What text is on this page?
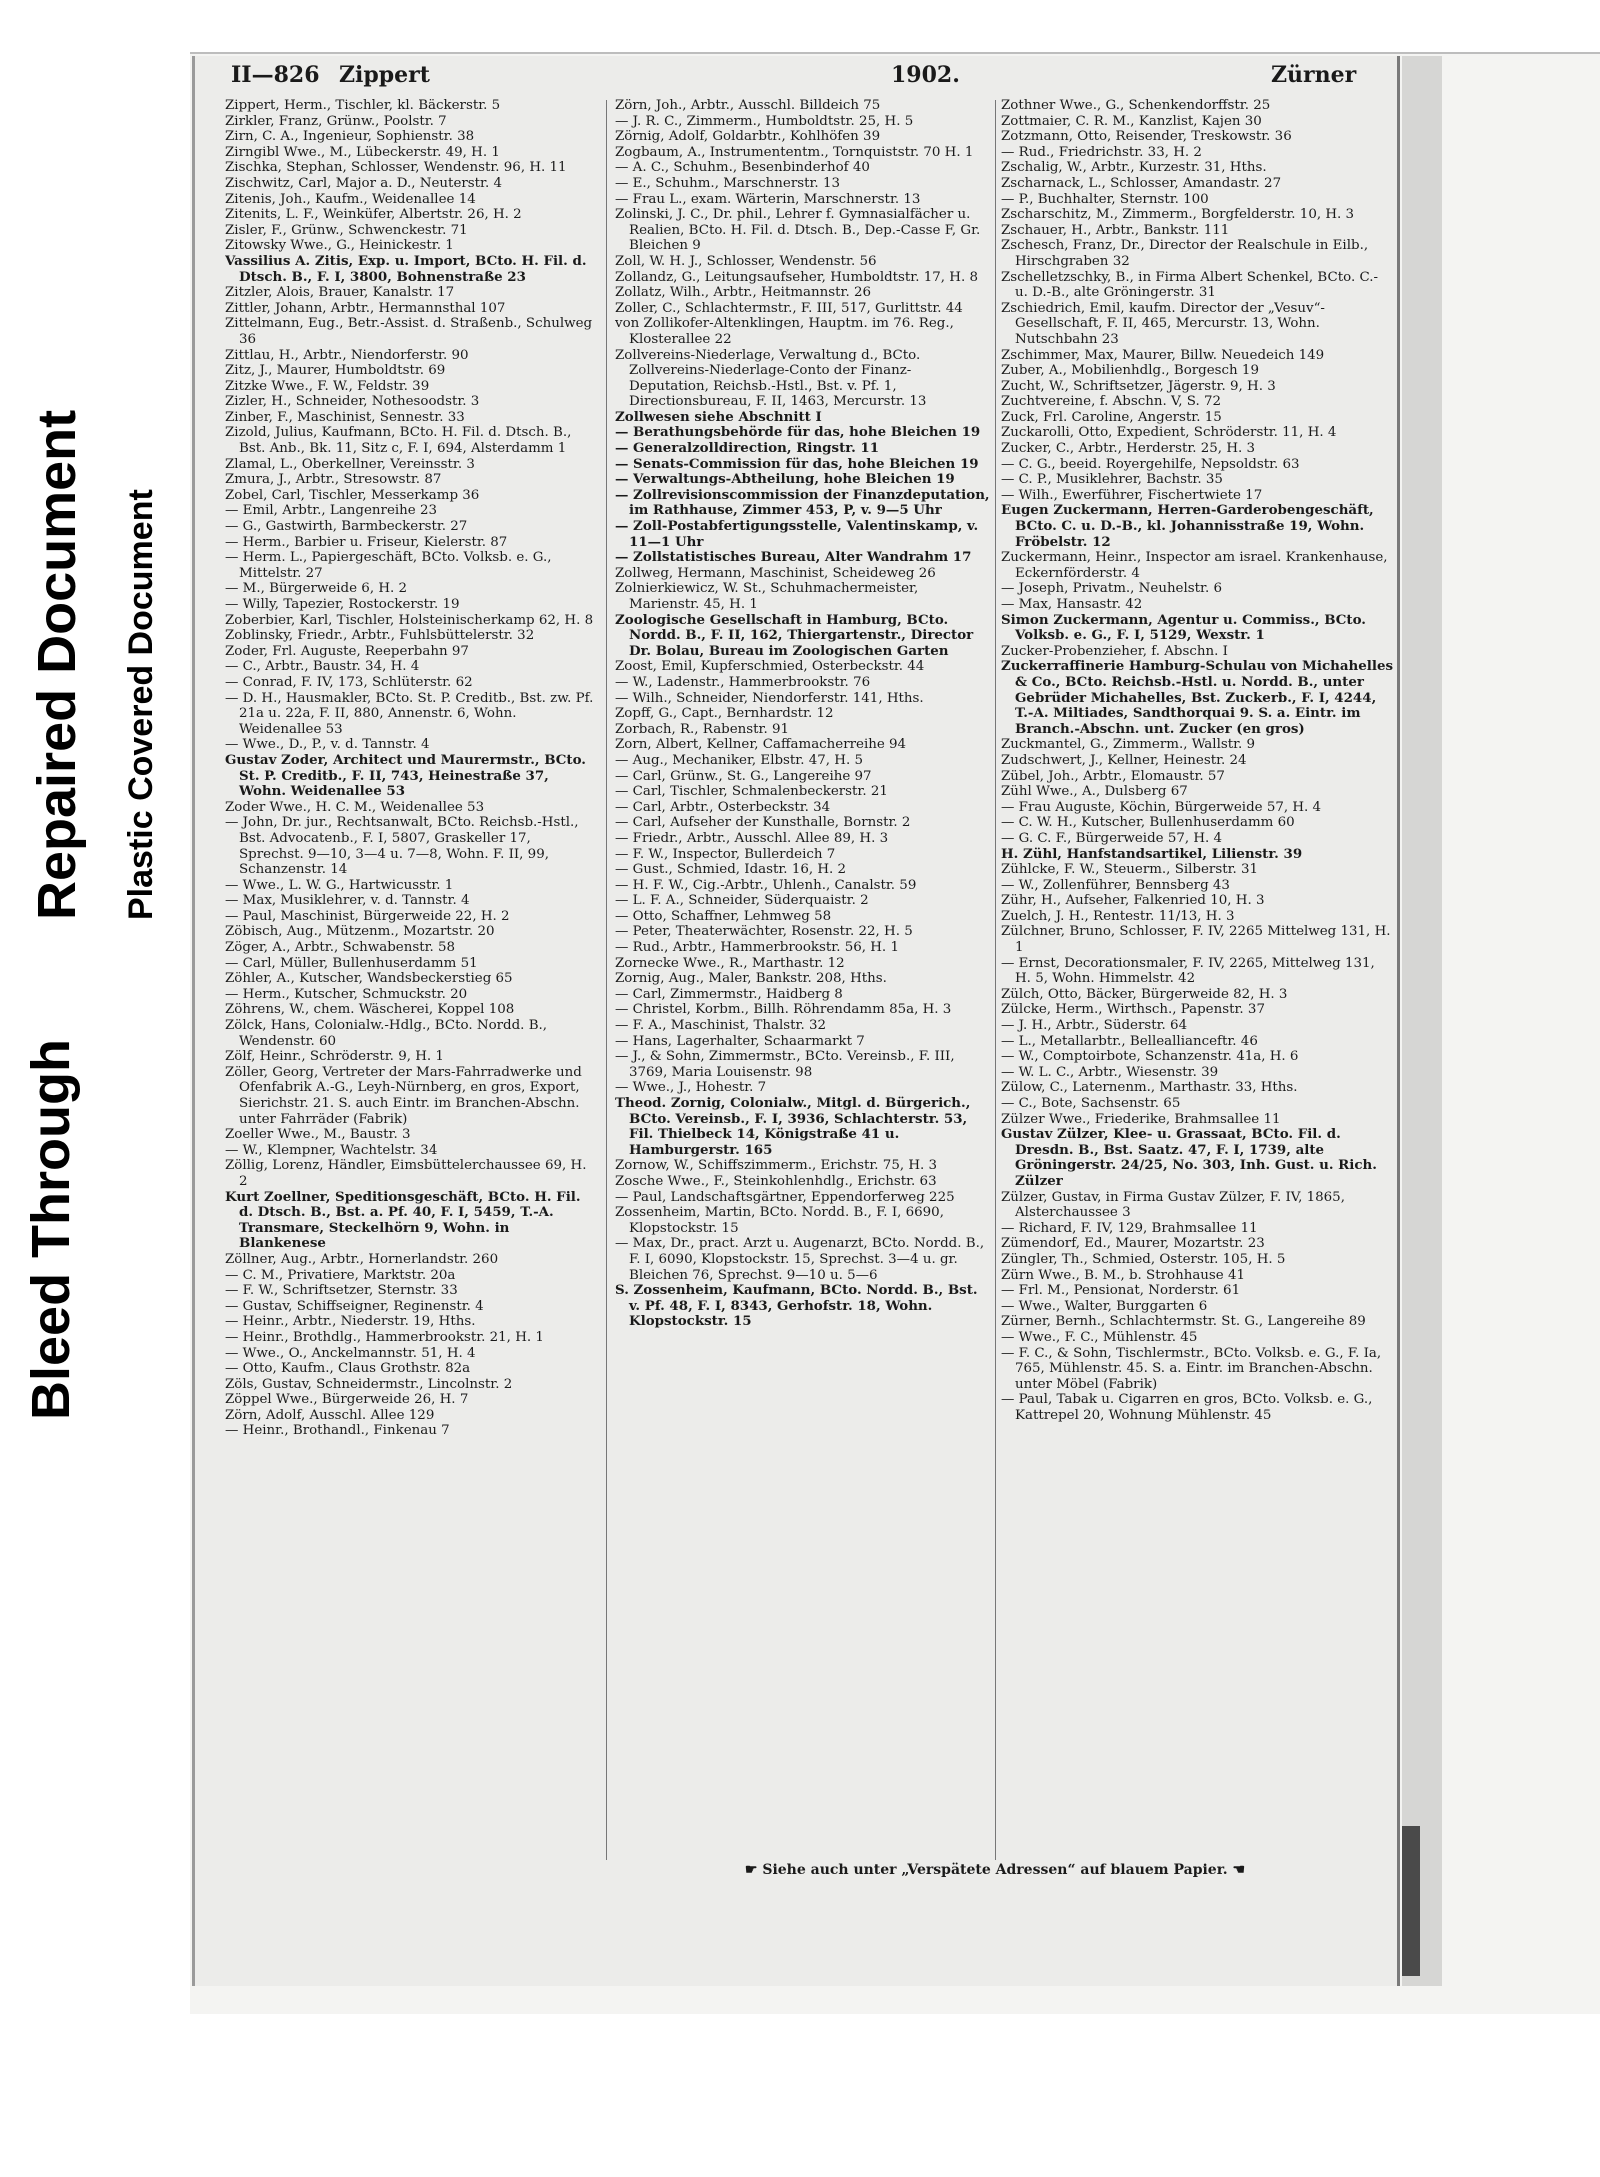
Bleed Through
Repaired Document Plastic Covered Document
II—826 Zippert	1902.	Zürner

Zippert, Herm., Tischler, kl. Bäckerstr. 5

Zirkler, Franz, Grünw., Poolstr. 7

Zirn, C. A., Ingenieur, Sophienstr. 38

Zirngibl Wwe., M., Lübeckerstr. 49, H. 1

Zischka, Stephan, Schlosser, Wendenstr. 96, H. 11

Zischwitz, Carl, Major a. D., Neuterstr. 4

Zitenis, Joh., Kaufm., Weidenallee 14

Zitenits, L. F., Weinküfer, Albertstr. 26, H. 2

Zisler, F., Grünw., Schwenckestr. 71

Zitowsky Wwe., G., Heinickestr. 1

Vassilius A. Zitis, Exp. u. Import, BCto. H. Fil. d. Dtsch. B., F. I, 3800, Bohnenstraße 23

Zitzler, Alois, Brauer, Kanalstr. 17

Zittler, Johann, Arbtr., Hermannsthal 107

Zittelmann, Eug., Betr.-Assist. d. Straßenb., Schulweg 36

Zittlau, H., Arbtr., Niendorferstr. 90

Zitz, J., Maurer, Humboldtstr. 69

Zitzke Wwe., F. W., Feldstr. 39

Zizler, H., Schneider, Nothesoodstr. 3

Zinber, F., Maschinist, Sennestr. 33

Zizold, Julius, Kaufmann, BCto. H. Fil. d. Dtsch. B., Bst. Anb., Bk. 11, Sitz c, F. I, 694, Alsterdamm 1

Zlamal, L., Oberkellner, Vereinsstr. 3

Zmura, J., Arbtr., Stresowstr. 87

Zobel, Carl, Tischler, Messerkamp 36

— Emil, Arbtr., Langenreihe 23

— G., Gastwirth, Barmbeckerstr. 27

— Herm., Barbier u. Friseur, Kielerstr. 87

— Herm. L., Papiergeschäft, BCto. Volksb. e. G., Mittelstr. 27

— M., Bürgerweide 6, H. 2

— Willy, Tapezier, Rostockerstr. 19

Zoberbier, Karl, Tischler, Holsteinischerkamp 62, H. 8

Zoblinsky, Friedr., Arbtr., Fuhlsbüttelerstr. 32

Zoder, Frl. Auguste, Reeperbahn 97

— C., Arbtr., Baustr. 34, H. 4

— Conrad, F. IV, 173, Schlüterstr. 62

— D. H., Hausmakler, BCto. St. P. Creditb., Bst. zw. Pf. 21a u. 22a, F. II, 880, Annenstr. 6, Wohn. Weidenallee 53

— Wwe., D., P., v. d. Tannstr. 4

Gustav Zoder, Architect und Maurermstr., BCto. St. P. Creditb., F. II, 743, Heinestraße 37, Wohn. Weidenallee 53

Zoder Wwe., H. C. M., Weidenallee 53

— John, Dr. jur., Rechtsanwalt, BCto. Reichsb.-Hstl., Bst. Advocatenb., F. I, 5807, Graskeller 17, Sprechst. 9—10, 3—4 u. 7—8, Wohn. F. II, 99, Schanzenstr. 14

— Wwe., L. W. G., Hartwicusstr. 1

— Max, Musiklehrer, v. d. Tannstr. 4

— Paul, Maschinist, Bürgerweide 22, H. 2

Zöbisch, Aug., Mützenm., Mozartstr. 20

Zöger, A., Arbtr., Schwabenstr. 58

— Carl, Müller, Bullenhuserdamm 51

Zöhler, A., Kutscher, Wandsbeckerstieg 65

— Herm., Kutscher, Schmuckstr. 20

Zöhrens, W., chem. Wäscherei, Koppel 108

Zölck, Hans, Colonialw.-Hdlg., BCto. Nordd. B., Wendenstr. 60

Zölf, Heinr., Schröderstr. 9, H. 1

Zöller, Georg, Vertreter der Mars-Fahrradwerke und Ofenfabrik A.-G., Leyh-Nürnberg, en gros, Export, Sierichstr. 21. S. auch Eintr. im Branchen-Abschn. unter Fahrräder (Fabrik)

Zoeller Wwe., M., Baustr. 3

— W., Klempner, Wachtelstr. 34

Zöllig, Lorenz, Händler, Eimsbüttelerchaussee 69, H. 2

Kurt Zoellner, Speditionsgeschäft, BCto. H. Fil. d. Dtsch. B., Bst. a. Pf. 40, F. I, 5459, T.-A. Transmare, Steckelhörn 9, Wohn. in Blankenese

Zöllner, Aug., Arbtr., Hornerlandstr. 260

— C. M., Privatiere, Marktstr. 20a

— F. W., Schriftsetzer, Sternstr. 33

— Gustav, Schiffseigner, Reginenstr. 4

— Heinr., Arbtr., Niederstr. 19, Hths.

— Heinr., Brothdlg., Hammerbrookstr. 21, H. 1

— Wwe., O., Anckelmannstr. 51, H. 4

— Otto, Kaufm., Claus Grothstr. 82a

Zöls, Gustav, Schneidermstr., Lincolnstr. 2

Zöppel Wwe., Bürgerweide 26, H. 7

Zörn, Adolf, Ausschl. Allee 129

— Heinr., Brothandl., Finkenau 7

Zörn, Joh., Arbtr., Ausschl. Billdeich 75

— J. R. C., Zimmerm., Humboldtstr. 25, H. 5

Zörnig, Adolf, Goldarbtr., Kohlhöfen 39

Zogbaum, A., Instrumententm., Tornquiststr. 70 H. 1

— A. C., Schuhm., Besenbinderhof 40

— E., Schuhm., Marschnerstr. 13

— Frau L., exam. Wärterin, Marschnerstr. 13

Zolinski, J. C., Dr. phil., Lehrer f. Gymnasialfächer u. Realien, BCto. H. Fil. d. Dtsch. B., Dep.-Casse F, Gr. Bleichen 9

Zoll, W. H. J., Schlosser, Wendenstr. 56

Zollandz, G., Leitungsaufseher, Humboldtstr. 17, H. 8

Zollatz, Wilh., Arbtr., Heitmannstr. 26

Zoller, C., Schlachtermstr., F. III, 517, Gurlittstr. 44

von Zollikofer-Altenklingen, Hauptm. im 76. Reg., Klosterallee 22

Zollvereins-Niederlage, Verwaltung d., BCto. Zollvereins-Niederlage-Conto der Finanz-Deputation, Reichsb.-Hstl., Bst. v. Pf. 1, Directionsbureau, F. II, 1463, Mercurstr. 13

Zollwesen siehe Abschnitt I

— Berathungsbehörde für das, hohe Bleichen 19

— Generalzolldirection, Ringstr. 11

— Senats-Commission für das, hohe Bleichen 19

— Verwaltungs-Abtheilung, hohe Bleichen 19

— Zollrevisionscommission der Finanzdeputation, im Rathhause, Zimmer 453, P, v. 9—5 Uhr

— Zoll-Postabfertigungsstelle, Valentinskamp, v. 11—1 Uhr

— Zollstatistisches Bureau, Alter Wandrahm 17

Zollweg, Hermann, Maschinist, Scheideweg 26

Zolnierkiewicz, W. St., Schuhmachermeister, Marienstr. 45, H. 1

Zoologische Gesellschaft in Hamburg, BCto. Nordd. B., F. II, 162, Thiergartenstr., Director Dr. Bolau, Bureau im Zoologischen Garten

Zoost, Emil, Kupferschmied, Osterbeckstr. 44

— W., Ladenstr., Hammerbrookstr. 76

— Wilh., Schneider, Niendorferstr. 141, Hths.

Zopff, G., Capt., Bernhardstr. 12

Zorbach, R., Rabenstr. 91

Zorn, Albert, Kellner, Caffamacherreihe 94

— Aug., Mechaniker, Elbstr. 47, H. 5

— Carl, Grünw., St. G., Langereihe 97

— Carl, Tischler, Schmalenbeckerstr. 21

— Carl, Arbtr., Osterbeckstr. 34

— Carl, Aufseher der Kunsthalle, Bornstr. 2

— Friedr., Arbtr., Ausschl. Allee 89, H. 3

— F. W., Inspector, Bullerdeich 7

— Gust., Schmied, Idastr. 16, H. 2

— H. F. W., Cig.-Arbtr., Uhlenh., Canalstr. 59

— L. F. A., Schneider, Süderquaistr. 2

— Otto, Schaffner, Lehmweg 58

— Peter, Theaterwächter, Rosenstr. 22, H. 5

— Rud., Arbtr., Hammerbrookstr. 56, H. 1

Zornecke Wwe., R., Marthastr. 12

Zornig, Aug., Maler, Bankstr. 208, Hths.

— Carl, Zimmermstr., Haidberg 8

— Christel, Korbm., Billh. Röhrendamm 85a, H. 3

— F. A., Maschinist, Thalstr. 32

— Hans, Lagerhalter, Schaarmarkt 7

— J., & Sohn, Zimmermstr., BCto. Vereinsb., F. III, 3769, Maria Louisenstr. 98

— Wwe., J., Hohestr. 7

Theod. Zornig, Colonialw., Mitgl. d. Bürgerich., BCto. Vereinsb., F. I, 3936, Schlachterstr. 53, Fil. Thielbeck 14, Königstraße 41 u. Hamburgerstr. 165

Zornow, W., Schiffszimmerm., Erichstr. 75, H. 3

Zosche Wwe., F., Steinkohlenhdlg., Erichstr. 63

— Paul, Landschaftsgärtner, Eppendorferweg 225

Zossenheim, Martin, BCto. Nordd. B., F. I, 6690, Klopstockstr. 15

— Max, Dr., pract. Arzt u. Augenarzt, BCto. Nordd. B., F. I, 6090, Klopstockstr. 15, Sprechst. 3—4 u. gr. Bleichen 76, Sprechst. 9—10 u. 5—6

S. Zossenheim, Kaufmann, BCto. Nordd. B., Bst. v. Pf. 48, F. I, 8343, Gerhofstr. 18, Wohn. Klopstockstr. 15

Zothner Wwe., G., Schenkendorffstr. 25

Zottmaier, C. R. M., Kanzlist, Kajen 30

Zotzmann, Otto, Reisender, Treskowstr. 36

— Rud., Friedrichstr. 33, H. 2

Zschalig, W., Arbtr., Kurzestr. 31, Hths.

Zscharnack, L., Schlosser, Amandastr. 27

— P., Buchhalter, Sternstr. 100

Zscharschitz, M., Zimmerm., Borgfelderstr. 10, H. 3

Zschauer, H., Arbtr., Bankstr. 111

Zschesch, Franz, Dr., Director der Realschule in Eilb., Hirschgraben 32

Zschelletzschky, B., in Firma Albert Schenkel, BCto. C.- u. D.-B., alte Gröningerstr. 31

Zschiedrich, Emil, kaufm. Director der „Vesuv“-Gesellschaft, F. II, 465, Mercurstr. 13, Wohn. Nutschbahn 23

Zschimmer, Max, Maurer, Billw. Neuedeich 149

Zuber, A., Mobilienhdlg., Borgesch 19

Zucht, W., Schriftsetzer, Jägerstr. 9, H. 3

Zuchtvereine, f. Abschn. V, S. 72

Zuck, Frl. Caroline, Angerstr. 15

Zuckarolli, Otto, Expedient, Schröderstr. 11, H. 4

Zucker, C., Arbtr., Herderstr. 25, H. 3

— C. G., beeid. Royergehilfe, Nepsoldstr. 63

— C. P., Musiklehrer, Bachstr. 35

— Wilh., Ewerführer, Fischertwiete 17

Eugen Zuckermann, Herren-Garderobengeschäft, BCto. C. u. D.-B., kl. Johannisstraße 19, Wohn. Fröbelstr. 12

Zuckermann, Heinr., Inspector am israel. Krankenhause, Eckernförderstr. 4

— Joseph, Privatm., Neuhelstr. 6

— Max, Hansastr. 42

Simon Zuckermann, Agentur u. Commiss., BCto. Volksb. e. G., F. I, 5129, Wexstr. 1

Zucker-Probenzieher, f. Abschn. I

Zuckerraffinerie Hamburg-Schulau von Michahelles & Co., BCto. Reichsb.-Hstl. u. Nordd. B., unter Gebrüder Michahelles, Bst. Zuckerb., F. I, 4244, T.-A. Miltiades, Sandthorquai 9. S. a. Eintr. im Branch.-Abschn. unt. Zucker (en gros)

Zuckmantel, G., Zimmerm., Wallstr. 9

Zudschwert, J., Kellner, Heinestr. 24

Zübel, Joh., Arbtr., Elomaustr. 57

Zühl Wwe., A., Dulsberg 67

— Frau Auguste, Köchin, Bürgerweide 57, H. 4

— C. W. H., Kutscher, Bullenhuserdamm 60

— G. C. F., Bürgerweide 57, H. 4

H. Zühl, Hanfstandsartikel, Lilienstr. 39

Zühlcke, F. W., Steuerm., Silberstr. 31

— W., Zollenführer, Bennsberg 43

Zühr, H., Aufseher, Falkenried 10, H. 3

Zuelch, J. H., Rentestr. 11/13, H. 3

Zülchner, Bruno, Schlosser, F. IV, 2265 Mittelweg 131, H. 1

— Ernst, Decorationsmaler, F. IV, 2265, Mittelweg 131, H. 5, Wohn. Himmelstr. 42

Zülch, Otto, Bäcker, Bürgerweide 82, H. 3

Zülcke, Herm., Wirthsch., Papenstr. 37

— J. H., Arbtr., Süderstr. 64

— L., Metallarbtr., Belleallianceftr. 46

— W., Comptoirbote, Schanzenstr. 41a, H. 6

— W. L. C., Arbtr., Wiesenstr. 39

Zülow, C., Laternenm., Marthastr. 33, Hths.

— C., Bote, Sachsenstr. 65

Zülzer Wwe., Friederike, Brahmsallee 11

Gustav Zülzer, Klee- u. Grassaat, BCto. Fil. d. Dresdn. B., Bst. Saatz. 47, F. I, 1739, alte Gröningerstr. 24/25, No. 303, Inh. Gust. u. Rich. Zülzer

Zülzer, Gustav, in Firma Gustav Zülzer, F. IV, 1865, Alsterchaussee 3

— Richard, F. IV, 129, Brahmsallee 11

Zümendorf, Ed., Maurer, Mozartstr. 23

Züngler, Th., Schmied, Osterstr. 105, H. 5

Zürn Wwe., B. M., b. Strohhause 41

— Frl. M., Pensionat, Norderstr. 61

— Wwe., Walter, Burggarten 6

Zürner, Bernh., Schlachtermstr. St. G., Langereihe 89

— Wwe., F. C., Mühlenstr. 45

— F. C., & Sohn, Tischlermstr., BCto. Volksb. e. G., F. Ia, 765, Mühlenstr. 45. S. a. Eintr. im Branchen-Abschn. unter Möbel (Fabrik)

— Paul, Tabak u. Cigarren en gros, BCto. Volksb. e. G., Kattrepel 20, Wohnung Mühlenstr. 45

☛ Siehe auch unter „Verspätete Adressen“ auf blauem Papier. ☚
